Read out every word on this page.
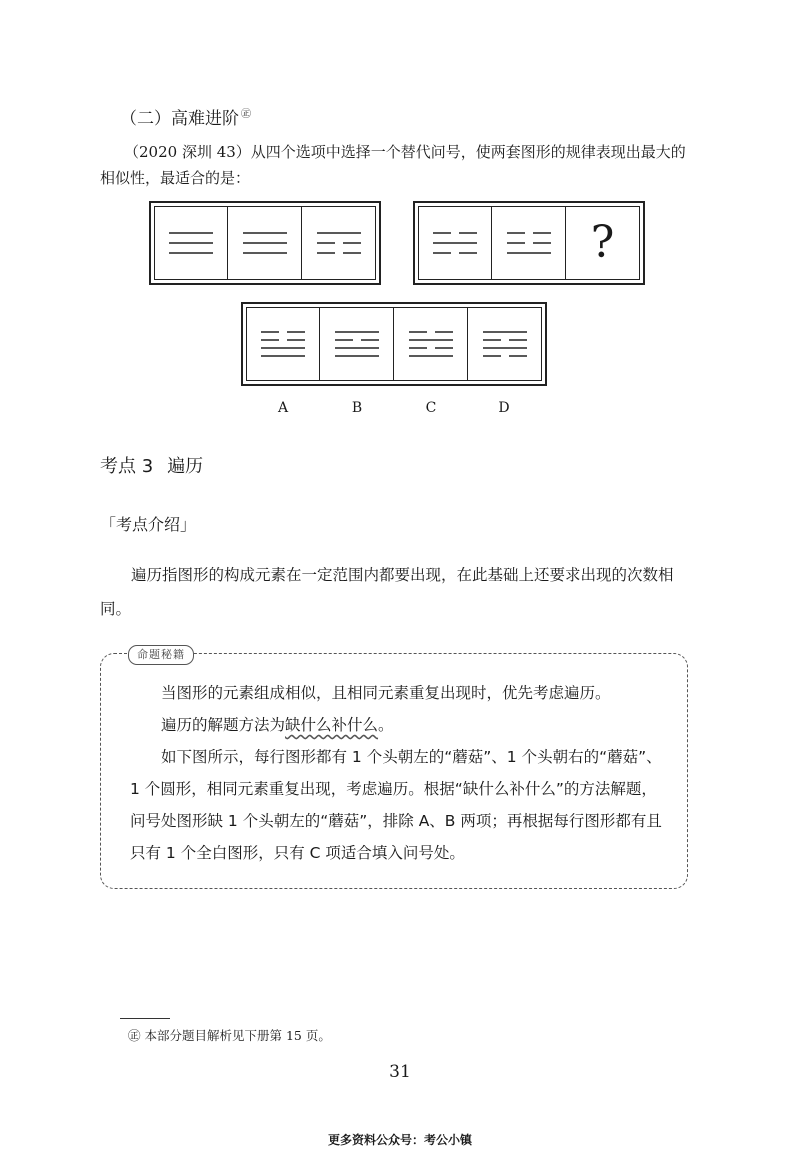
（二）高难进阶 ㊣
（2020 深圳 43）从四个选项中选择一个替代问号，使两套图形的规律表现出最大的相似性，最适合的是：
?
A	B	C	D
考点 3 遍历
「考点介绍」
遍历指图形的构成元素在一定范围内都要出现，在此基础上还要求出现的次数相同。
命题秘籍
当图形的元素组成相似，且相同元素重复出现时，优先考虑遍历。
遍历的解题方法为缺什么补什么。
如下图所示，每行图形都有 1 个头朝左的“蘑菇”、1 个头朝右的“蘑菇”、1 个圆形，相同元素重复出现，考虑遍历。根据“缺什么补什么”的方法解题，问号处图形缺 1 个头朝左的“蘑菇”，排除 A、B 两项；再根据每行图形都有且只有 1 个全白图形，只有 C 项适合填入问号处。
㊣ 本部分题目解析见下册第 15 页。
31
更多资料公众号：考公小镇
